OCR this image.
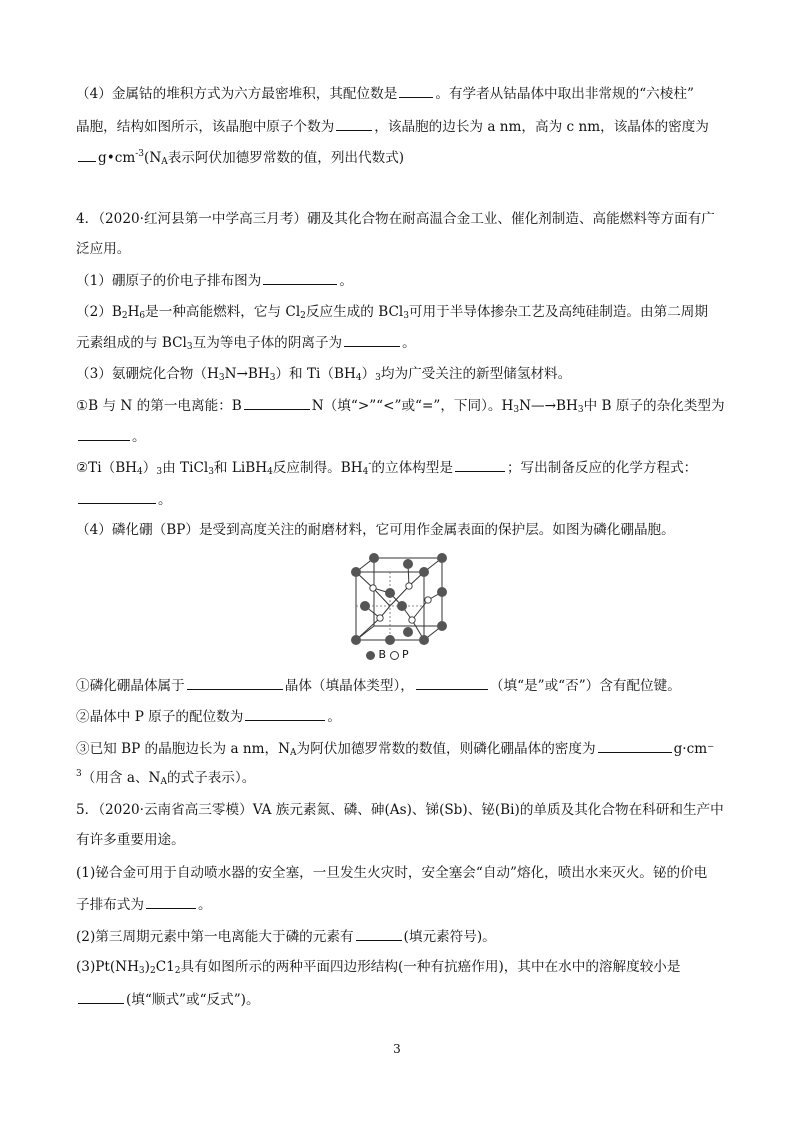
（4）金属钴的堆积方式为六方最密堆积，其配位数是	。有学者从钴晶体中取出非常规的“六棱柱”
晶胞，结构如图所示，该晶胞中原子个数为	，该晶胞的边长为 a nm，高为 c nm，该晶体的密度为
$g•cm^{-3}(N_A$表示阿伏加德罗常数的值，列出代数式)
4．（2020·红河县第一中学高三月考）硼及其化合物在耐高温合金工业、催化剂制造、高能燃料等方面有广
泛应用。
（1）硼原子的价电子排布图为	。
$(2)B_2H_6$是一种高能燃料，它与 $Cl_2$反应生成的 BCl$_3$可用于半导体掺杂工艺及高纯硅制造。由第二周期
元素组成的与 BCl$_3$互为等电子体的阴离子为	。
（3）氨硼烷化合物$(H_3N\to BH_3)$和 $Ti(BH_4)_3$均为广受关注的新型储氢材料。
①B 与 N 的第一电离能：B	N（填“>”“<”或“=”，下同）。$H_3N—\to BH_3$中 B 原子的杂化类型为
。
$②Ti(BH_4)_3$由 TiCl$_3$和 LiBH$_4$反应制得。$BH_4^-$的立体构型是	；写出制备反应的化学方程式：
。
（4）磷化硼（BP）是受到高度关注的耐磨材料，它可用作金属表面的保护层。如图为磷化硼晶胞。
B P
①磷化硼晶体属于	晶体（填晶体类型），	（填“是”或“否”）含有配位键。
②晶体中 P 原子的配位数为	。
③已知 BP 的晶胞边长为 a nm，$N_A$为阿伏加德罗常数的数值，则磷化硼晶体的密度为	g·cm⁻
$^3$（用含 a、$N_A$的式子表示）。
5．（2020·云南省高三零模）VA 族元素氮、磷、砷(As)、锑(Sb)、铋(Bi)的单质及其化合物在科研和生产中
有许多重要用途。
(1)铋合金可用于自动喷水器的安全塞，一旦发生火灾时，安全塞会“自动”熔化，喷出水来灭火。铋的价电
子排布式为	。
(2)第三周期元素中第一电离能大于磷的元素有	(填元素符号)。
$(3)Pt(NH_3)_2C1_2$具有如图所示的两种平面四边形结构(一种有抗癌作用)，其中在水中的溶解度较小是
(填“顺式”或“反式”)。
3
